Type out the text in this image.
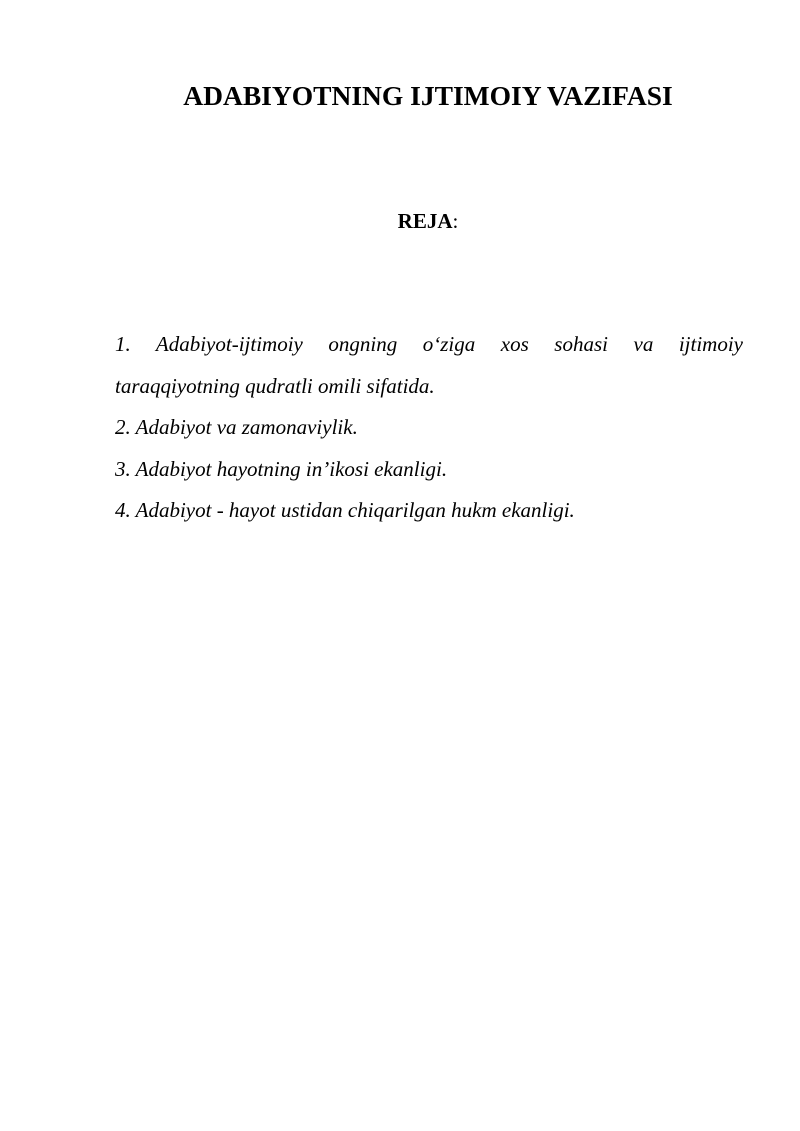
ADABIYOTNING IJTIMOIY VAZIFASI
REJA:
1. Adabiyot-ijtimoiy ongning o‘ziga xos sohasi va ijtimoiy
taraqqiyotning qudratli omili sifatida.
2. Adabiyot va zamonaviylik.
3. Adabiyot hayotning in’ikosi ekanligi.
4. Adabiyot - hayot ustidan chiqarilgan hukm ekanligi.
